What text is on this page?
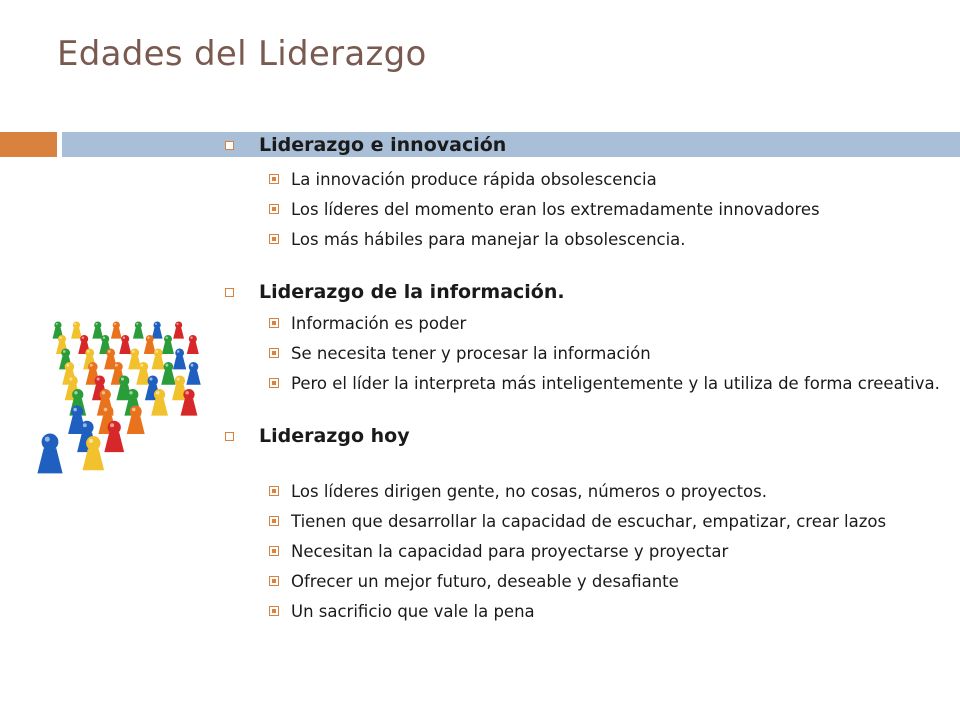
Edades del Liderazgo
Liderazgo e innovación
La innovación produce rápida obsolescencia
Los líderes del momento eran los extremadamente innovadores
Los más hábiles para manejar la obsolescencia.
Liderazgo de la información.
Información es poder
Se necesita tener y procesar la información
Pero el líder la interpreta más inteligentemente y la utiliza de forma creeativa.
Liderazgo hoy
Los líderes dirigen gente, no cosas, números o proyectos.
Tienen que desarrollar la capacidad de escuchar, empatizar, crear lazos
Necesitan la capacidad para proyectarse y proyectar
Ofrecer un mejor futuro, deseable y desafiante
Un sacrificio que vale la pena
